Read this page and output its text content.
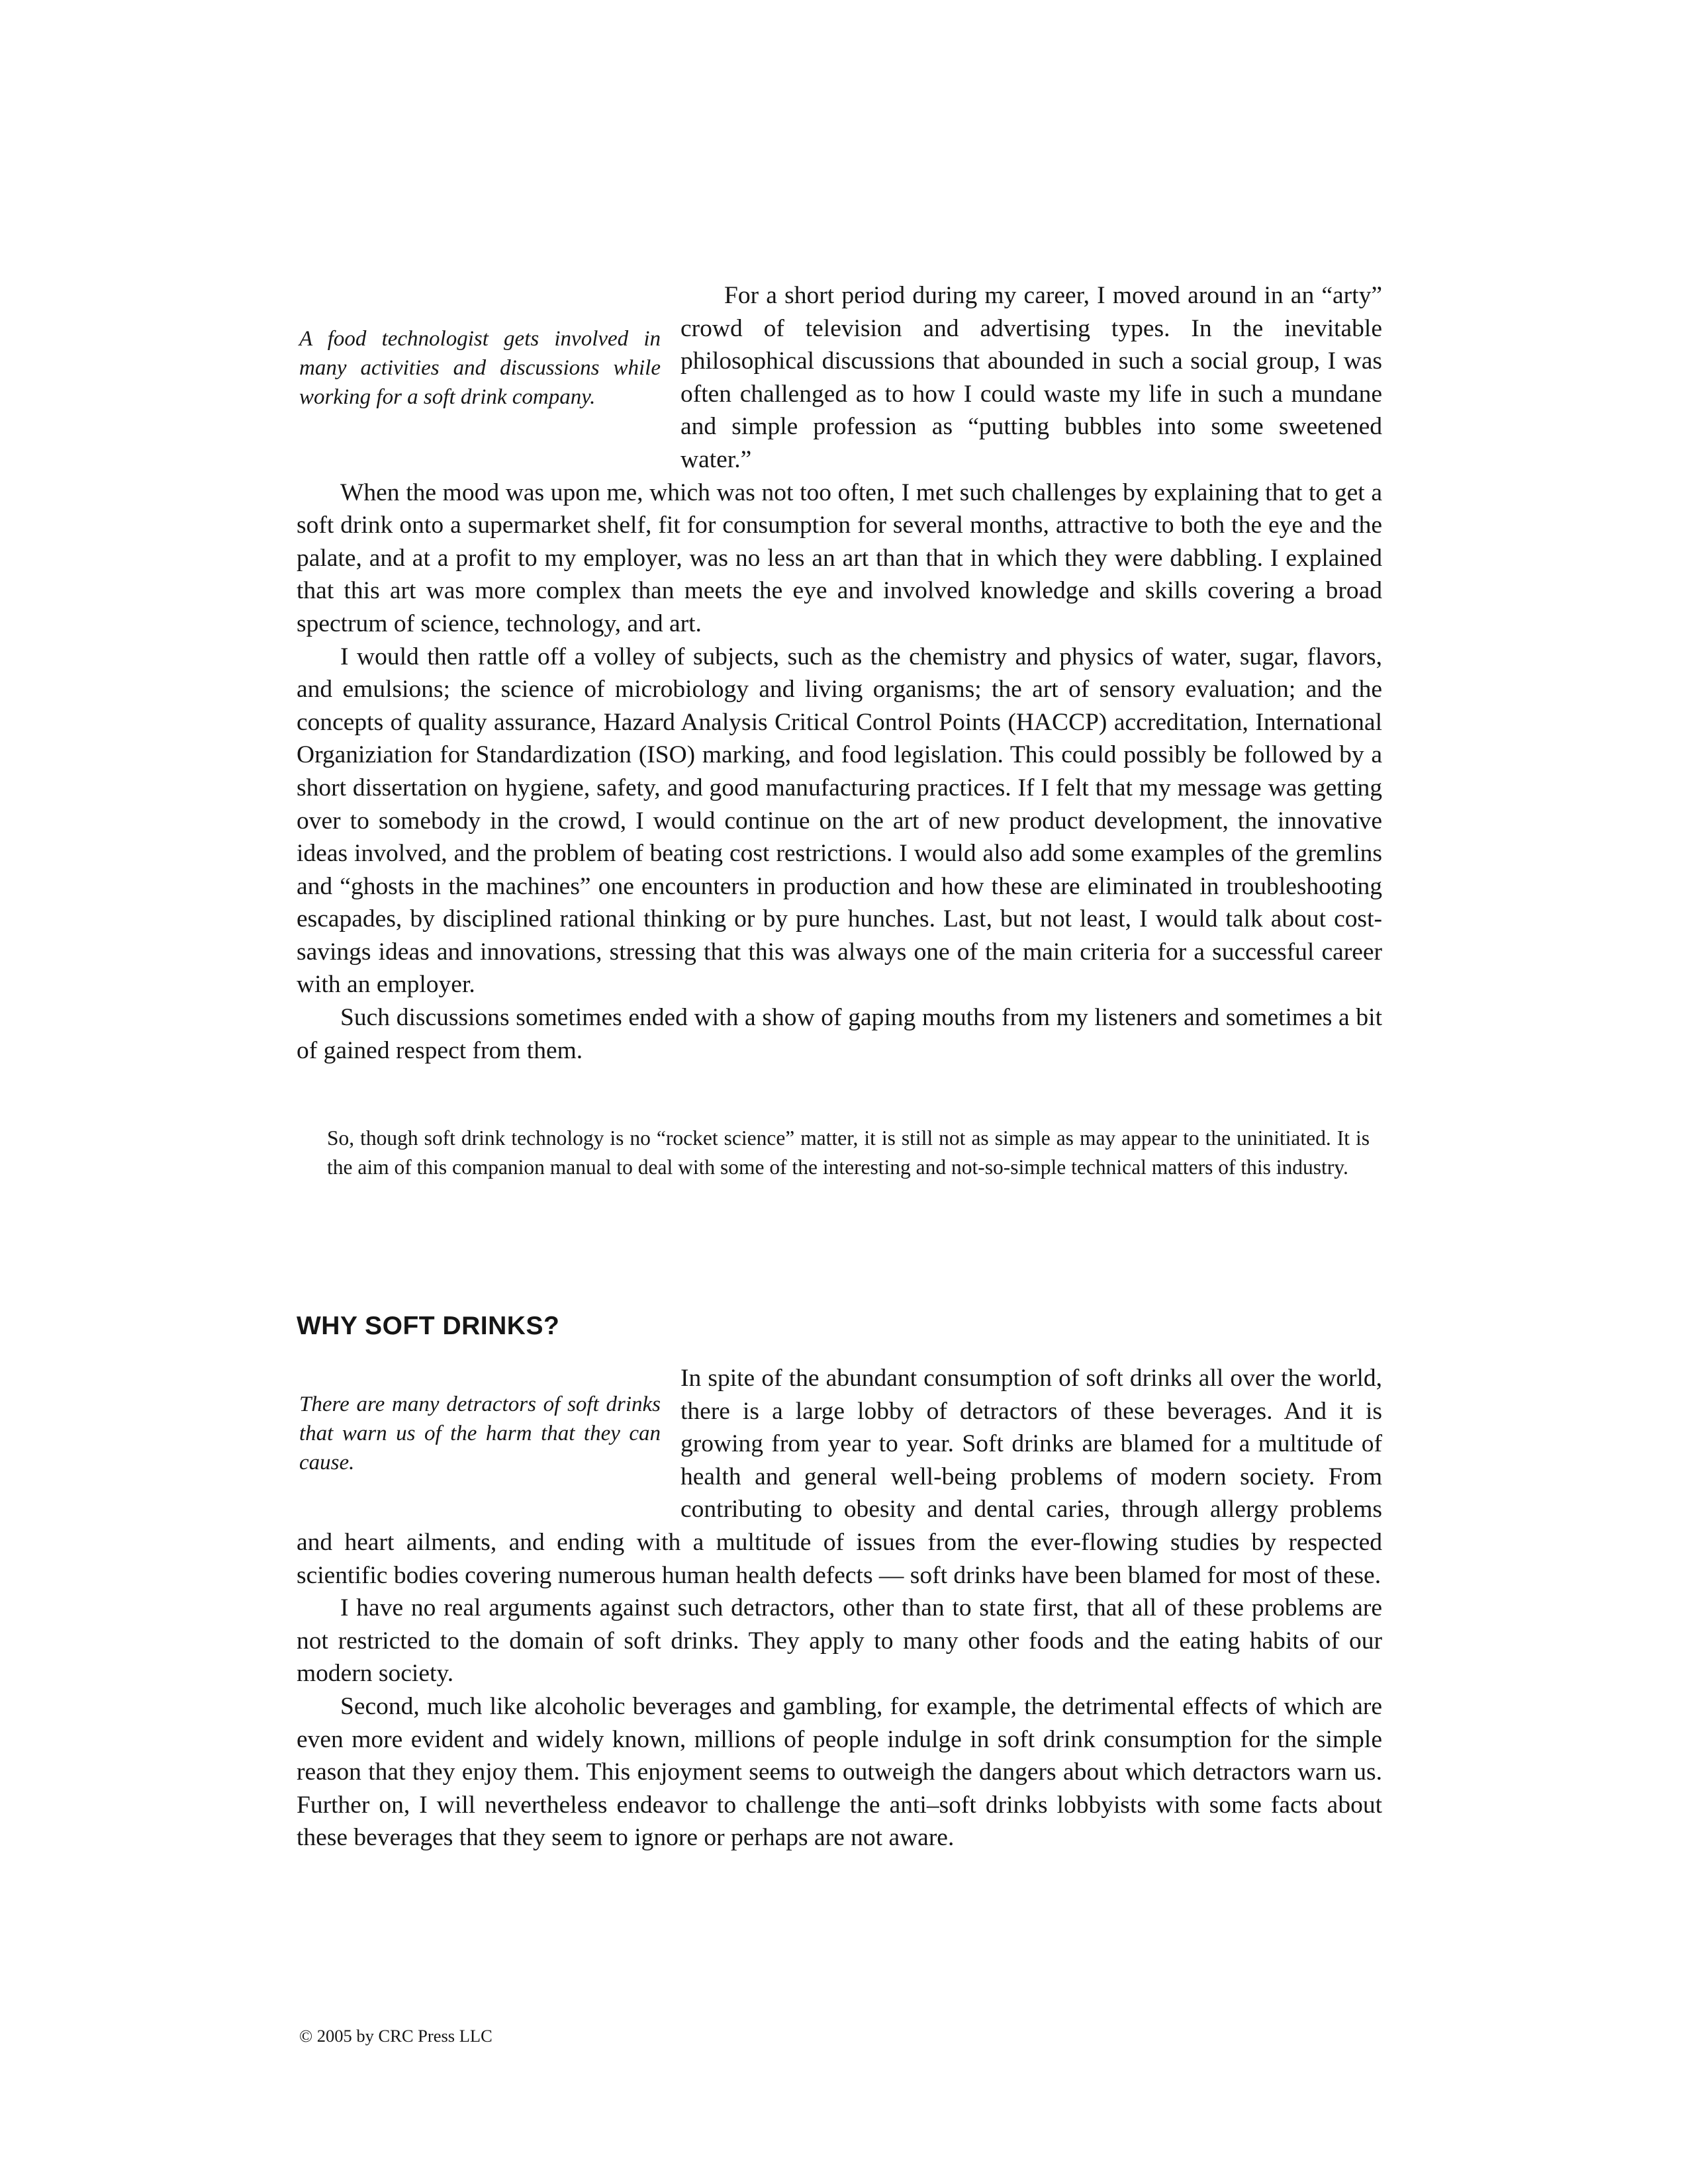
A food technologist gets involved in many activities and discussions while working for a soft drink company.

For a short period during my career, I moved around in an “arty” crowd of television and advertising types. In the inevitable philosophical discussions that abounded in such a social group, I was often challenged as to how I could waste my life in such a mundane and simple profession as “putting bubbles into some sweetened water.”

When the mood was upon me, which was not too often, I met such challenges by explaining that to get a soft drink onto a supermarket shelf, fit for consumption for several months, attractive to both the eye and the palate, and at a profit to my employer, was no less an art than that in which they were dabbling. I explained that this art was more complex than meets the eye and involved knowledge and skills covering a broad spectrum of science, technology, and art.

I would then rattle off a volley of subjects, such as the chemistry and physics of water, sugar, flavors, and emulsions; the science of microbiology and living organisms; the art of sensory evaluation; and the concepts of quality assurance, Hazard Analysis Critical Control Points (HACCP) accreditation, International Organiziation for Standardization (ISO) marking, and food legislation. This could possibly be followed by a short dissertation on hygiene, safety, and good manufacturing practices. If I felt that my message was getting over to somebody in the crowd, I would continue on the art of new product development, the innovative ideas involved, and the problem of beating cost restrictions. I would also add some examples of the gremlins and “ghosts in the machines” one encounters in production and how these are eliminated in troubleshooting escapades, by disciplined rational thinking or by pure hunches. Last, but not least, I would talk about cost-savings ideas and innovations, stressing that this was always one of the main criteria for a successful career with an employer.

Such discussions sometimes ended with a show of gaping mouths from my listeners and sometimes a bit of gained respect from them.

So, though soft drink technology is no “rocket science” matter, it is still not as simple as may appear to the uninitiated. It is the aim of this companion manual to deal with some of the interesting and not-so-simple technical matters of this industry.

WHY SOFT DRINKS?
There are many detractors of soft drinks that warn us of the harm that they can cause.

In spite of the abundant consumption of soft drinks all over the world, there is a large lobby of detractors of these beverages. And it is growing from year to year. Soft drinks are blamed for a multitude of health and general well-being problems of modern society. From contributing to obesity and dental caries, through allergy problems and heart ailments, and ending with a multitude of issues from the ever-flowing studies by respected scientific bodies covering numerous human health defects — soft drinks have been blamed for most of these.

I have no real arguments against such detractors, other than to state first, that all of these problems are not restricted to the domain of soft drinks. They apply to many other foods and the eating habits of our modern society.

Second, much like alcoholic beverages and gambling, for example, the detrimental effects of which are even more evident and widely known, millions of people indulge in soft drink consumption for the simple reason that they enjoy them. This enjoyment seems to outweigh the dangers about which detractors warn us. Further on, I will nevertheless endeavor to challenge the anti–soft drinks lobbyists with some facts about these beverages that they seem to ignore or perhaps are not aware.

© 2005 by CRC Press LLC
